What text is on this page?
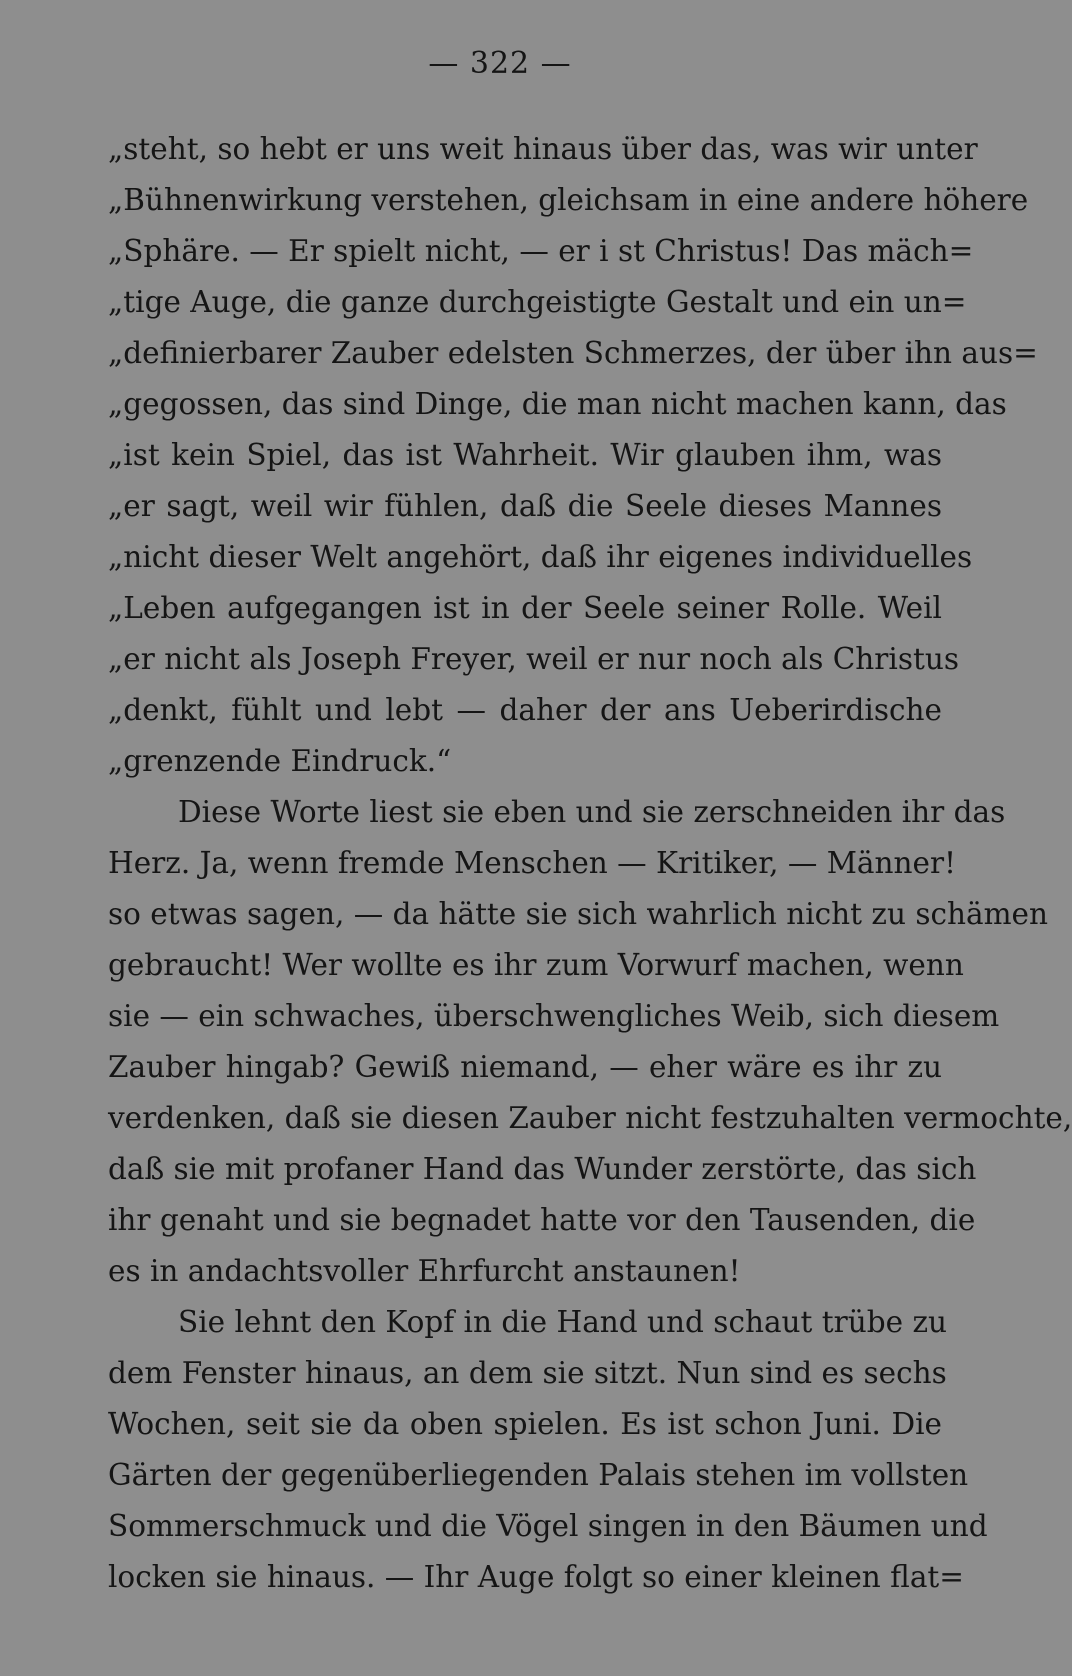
— 322 —
„steht, so hebt er uns weit hinaus über das, was wir unter
„Bühnenwirkung verstehen, gleichsam in eine andere höhere
„Sphäre. — Er spielt nicht, — er i st Christus! Das mäch=
„tige Auge, die ganze durchgeistigte Gestalt und ein un=
„definierbarer Zauber edelsten Schmerzes, der über ihn aus=
„gegossen, das sind Dinge, die man nicht machen kann, das
„ist kein Spiel, das ist Wahrheit. Wir glauben ihm, was
„er sagt, weil wir fühlen, daß die Seele dieses Mannes
„nicht dieser Welt angehört, daß ihr eigenes individuelles
„Leben aufgegangen ist in der Seele seiner Rolle. Weil
„er nicht als Joseph Freyer, weil er nur noch als Christus
„denkt, fühlt und lebt — daher der ans Ueberirdische
„grenzende Eindruck.“
Diese Worte liest sie eben und sie zerschneiden ihr das
Herz. Ja, wenn fremde Menschen — Kritiker, — Männer!
so etwas sagen, — da hätte sie sich wahrlich nicht zu schämen
gebraucht! Wer wollte es ihr zum Vorwurf machen, wenn
sie — ein schwaches, überschwengliches Weib, sich diesem
Zauber hingab? Gewiß niemand, — eher wäre es ihr zu
verdenken, daß sie diesen Zauber nicht festzuhalten vermochte,
daß sie mit profaner Hand das Wunder zerstörte, das sich
ihr genaht und sie begnadet hatte vor den Tausenden, die
es in andachtsvoller Ehrfurcht anstaunen!
Sie lehnt den Kopf in die Hand und schaut trübe zu
dem Fenster hinaus, an dem sie sitzt. Nun sind es sechs
Wochen, seit sie da oben spielen. Es ist schon Juni. Die
Gärten der gegenüberliegenden Palais stehen im vollsten
Sommerschmuck und die Vögel singen in den Bäumen und
locken sie hinaus. — Ihr Auge folgt so einer kleinen flat=
